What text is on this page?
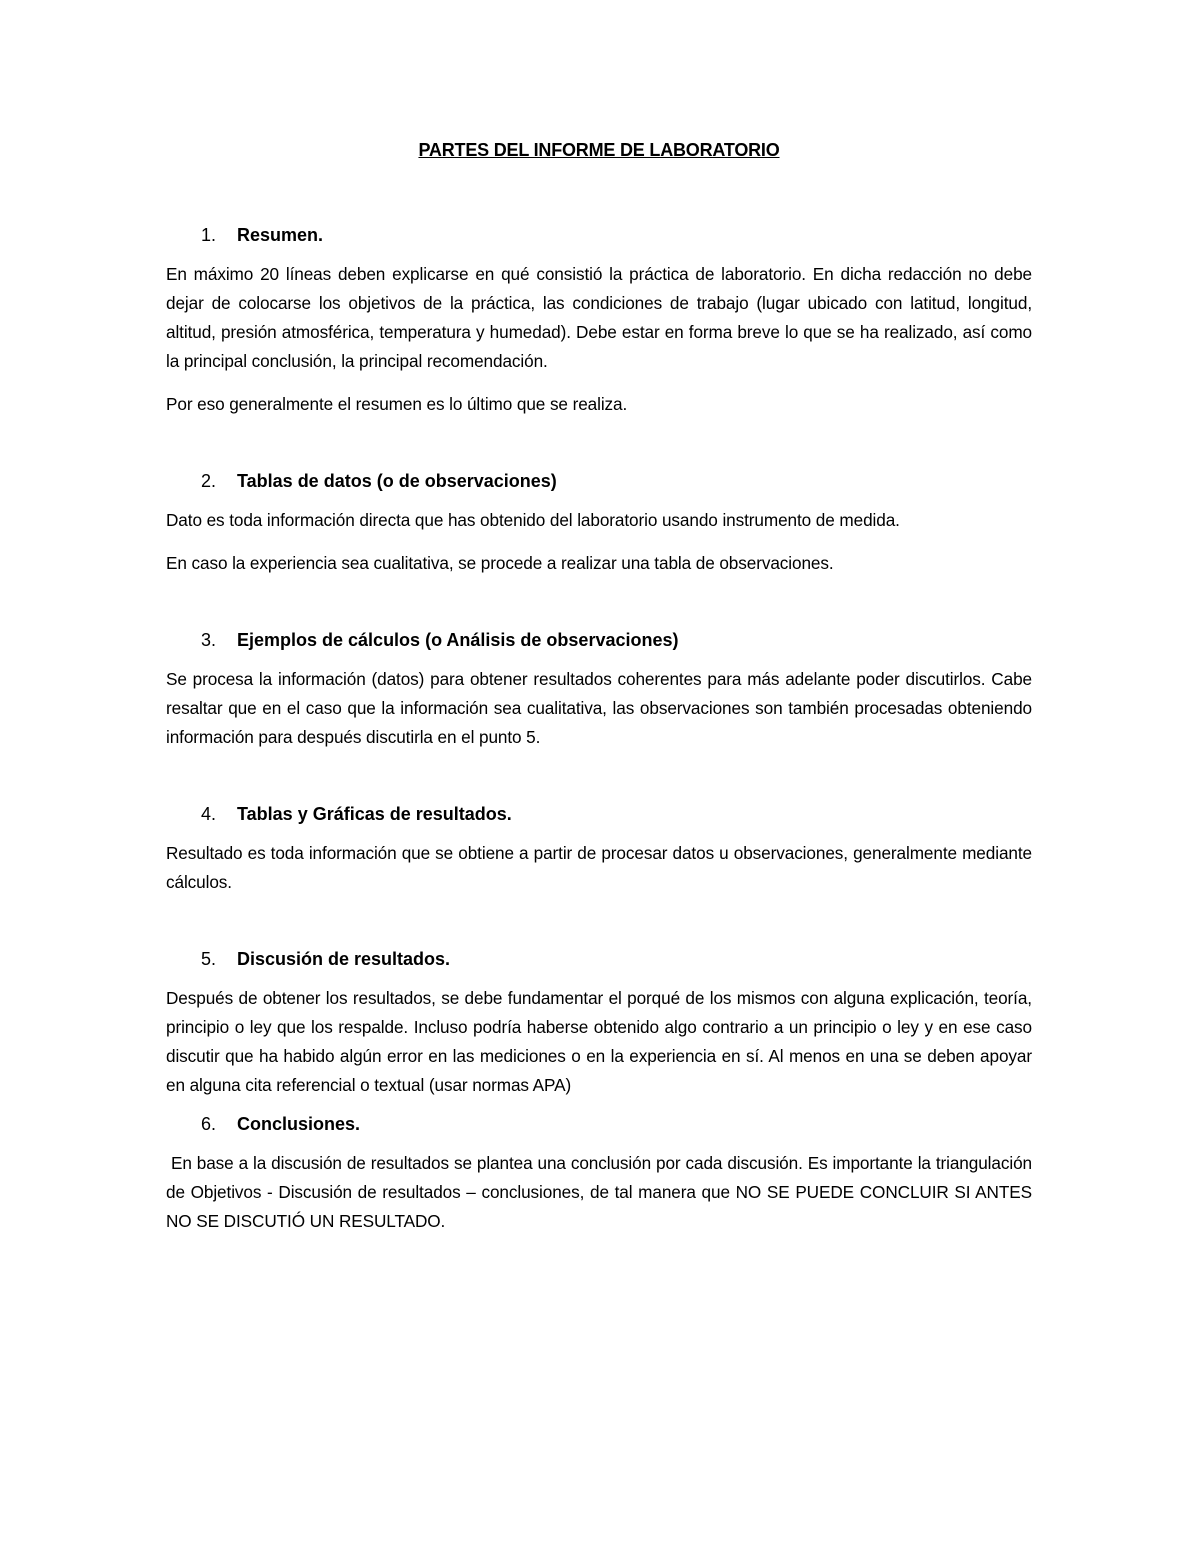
PARTES DEL INFORME DE LABORATORIO
1.	Resumen.

En máximo 20 líneas deben explicarse en qué consistió la práctica de laboratorio. En dicha redacción no debe dejar de colocarse los objetivos de la práctica, las condiciones de trabajo (lugar ubicado con latitud, longitud, altitud, presión atmosférica, temperatura y humedad). Debe estar en forma breve lo que se ha realizado, así como la principal conclusión, la principal recomendación.

Por eso generalmente el resumen es lo último que se realiza.

2.	Tablas de datos (o de observaciones)

Dato es toda información directa que has obtenido del laboratorio usando instrumento de medida.

En caso la experiencia sea cualitativa, se procede a realizar una tabla de observaciones.

3.	Ejemplos de cálculos (o Análisis de observaciones)

Se procesa la información (datos) para obtener resultados coherentes para más adelante poder discutirlos. Cabe resaltar que en el caso que la información sea cualitativa, las observaciones son también procesadas obteniendo información para después discutirla en el punto 5.

4.	Tablas y Gráficas de resultados.

Resultado es toda información que se obtiene a partir de procesar datos u observaciones, generalmente mediante cálculos.

5.	Discusión de resultados.

Después de obtener los resultados, se debe fundamentar el porqué de los mismos con alguna explicación, teoría, principio o ley que los respalde. Incluso podría haberse obtenido algo contrario a un principio o ley y en ese caso discutir que ha habido algún error en las mediciones o en la experiencia en sí. Al menos en una se deben apoyar en alguna cita referencial o textual (usar normas APA)

6.	Conclusiones.

En base a la discusión de resultados se plantea una conclusión por cada discusión. Es importante la triangulación de Objetivos - Discusión de resultados – conclusiones, de tal manera que NO SE PUEDE CONCLUIR SI ANTES NO SE DISCUTIÓ UN RESULTADO.
